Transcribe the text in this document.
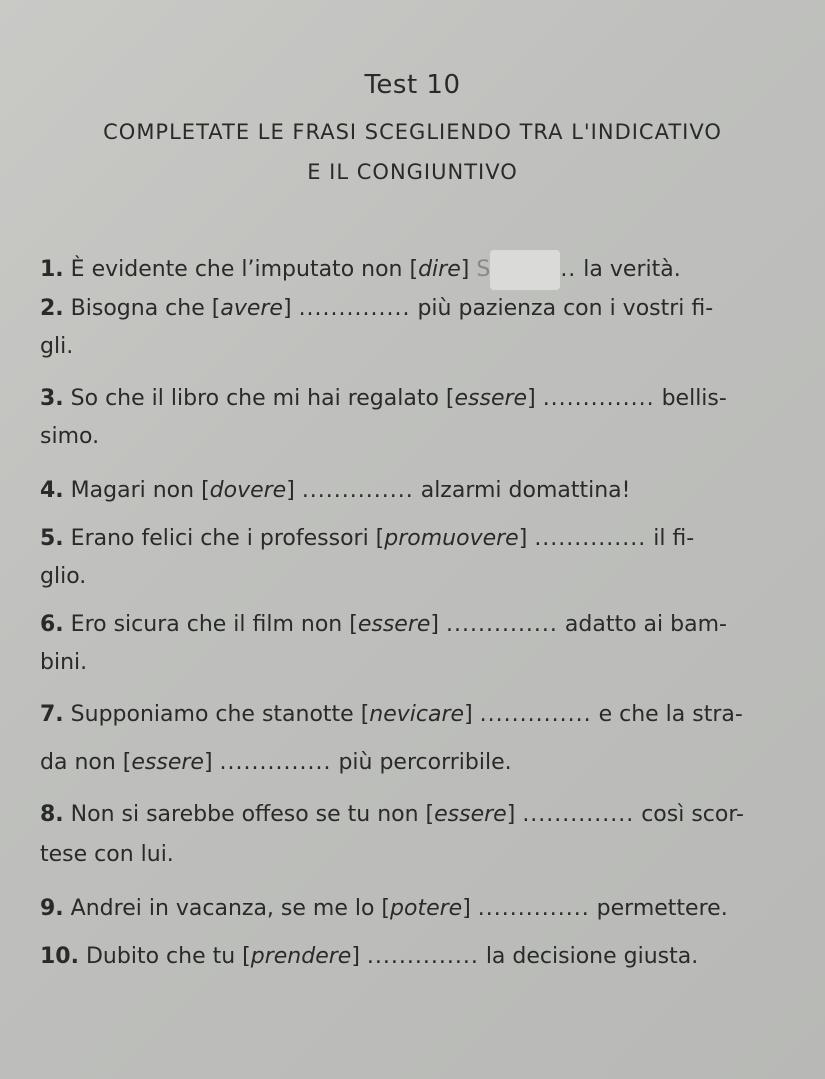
Test 10
COMPLETATE LE FRASI SCEGLIENDO TRA L'INDICATIVO
E IL CONGIUNTIVO
1. È evidente che l’imputato non [dire] S	.. la verità.
2. Bisogna che [avere] .............. più pazienza con i vostri fi-
gli.
3. So che il libro che mi hai regalato [essere] .............. bellis-
simo.
4. Magari non [dovere] .............. alzarmi domattina!
5. Erano felici che i professori [promuovere] .............. il fi-
glio.
6. Ero sicura che il film non [essere] .............. adatto ai bam-
bini.
7. Supponiamo che stanotte [nevicare] .............. e che la stra-
da non [essere] .............. più percorribile.
8. Non si sarebbe offeso se tu non [essere] .............. così scor-
tese con lui.
9. Andrei in vacanza, se me lo [potere] .............. permettere.
10. Dubito che tu [prendere] .............. la decisione giusta.
